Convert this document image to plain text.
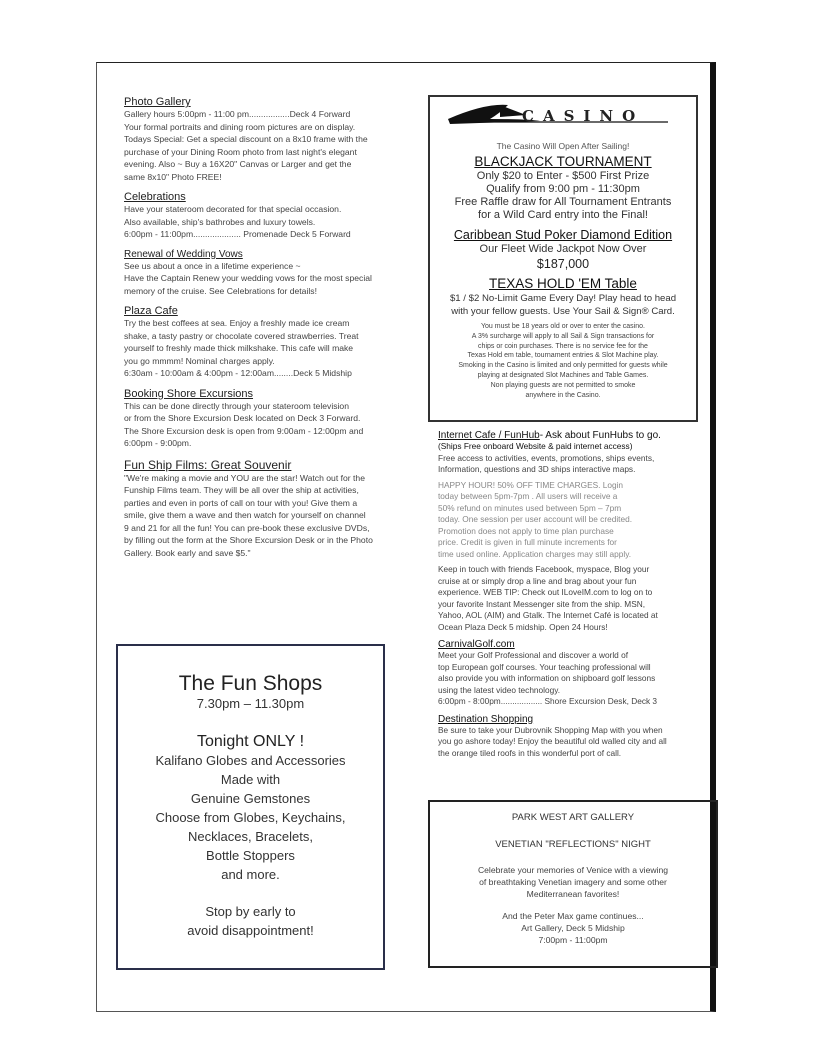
Photo Gallery

Gallery hours 5:00pm - 11:00 pm.................Deck 4 Forward
Your formal portraits and dining room pictures are on display.
Todays Special: Get a special discount on a 8x10 frame with the
purchase of your Dining Room photo from last night's elegant
evening. Also ~ Buy a 16X20" Canvas or Larger and get the
same 8x10" Photo FREE!

Celebrations

Have your stateroom decorated for that special occasion.
Also available, ship's bathrobes and luxury towels.
6:00pm - 11:00pm.................... Promenade Deck 5 Forward

Renewal of Wedding Vows

See us about a once in a lifetime experience ~
Have the Captain Renew your wedding vows for the most special
memory of the cruise. See Celebrations for details!

Plaza Cafe

Try the best coffees at sea. Enjoy a freshly made ice cream
shake, a tasty pastry or chocolate covered strawberries. Treat
yourself to freshly made thick milkshake. This cafe will make
you go mmmm! Nominal charges apply.
6:30am - 10:00am & 4:00pm - 12:00am........Deck 5 Midship

Booking Shore Excursions

This can be done directly through your stateroom television
or from the Shore Excursion Desk located on Deck 3 Forward.
The Shore Excursion desk is open from 9:00am - 12:00pm and
6:00pm - 9:00pm.

Fun Ship Films: Great Souvenir

"We're making a movie and YOU are the star! Watch out for the
Funship Films team. They will be all over the ship at activities,
parties and even in ports of call on tour with you! Give them a
smile, give them a wave and then watch for yourself on channel
9 and 21 for all the fun! You can pre-book these exclusive DVDs,
by filling out the form at the Shore Excursion Desk or in the Photo
Gallery. Book early and save $5."

CASINO

The Casino Will Open After Sailing!

BLACKJACK TOURNAMENT

Only $20 to Enter - $500 First Prize

Qualify from 9:00 pm - 11:30pm

Free Raffle draw for All Tournament Entrants

for a Wild Card entry into the Final!

Caribbean Stud Poker Diamond Edition

Our Fleet Wide Jackpot Now Over

$187,000

TEXAS HOLD 'EM Table

$1 / $2 No-Limit Game Every Day! Play head to head

with your fellow guests. Use Your Sail & Sign® Card.

You must be 18 years old or over to enter the casino.
A 3% surcharge will apply to all Sail & Sign transactions for
chips or coin purchases. There is no service fee for the
Texas Hold em table, tournament entries & Slot Machine play.
Smoking in the Casino is limited and only permitted for guests while
playing at designated Slot Machines and Table Games.
Non playing guests are not permitted to smoke
anywhere in the Casino.

Internet Cafe / FunHub- Ask about FunHubs to go.

(Ships Free onboard Website & paid internet access)

Free access to activities, events, promotions, ships events,
Information, questions and 3D ships interactive maps.

HAPPY HOUR! 50% OFF TIME CHARGES. Login
today between 5pm-7pm . All users will receive a
50% refund on minutes used between 5pm – 7pm
today. One session per user account will be credited.
Promotion does not apply to time plan purchase
price. Credit is given in full minute increments for
time used online. Application charges may still apply.

Keep in touch with friends Facebook, myspace, Blog your
cruise at or simply drop a line and brag about your fun
experience. WEB TIP: Check out ILoveIM.com to log on to
your favorite Instant Messenger site from the ship. MSN,
Yahoo, AOL (AIM) and Gtalk. The Internet Café is located at
Ocean Plaza Deck 5 midship. Open 24 Hours!

CarnivalGolf.com

Meet your Golf Professional and discover a world of
top European golf courses. Your teaching professional will
also provide you with information on shipboard golf lessons
using the latest video technology.
6:00pm - 8:00pm.................. Shore Excursion Desk, Deck 3

Destination Shopping

Be sure to take your Dubrovnik Shopping Map with you when
you go ashore today! Enjoy the beautiful old walled city and all
the orange tiled roofs in this wonderful port of call.

The Fun Shops

7.30pm – 11.30pm

Tonight ONLY !

Kalifano Globes and Accessories

Made with

Genuine Gemstones

Choose from Globes, Keychains,

Necklaces, Bracelets,

Bottle Stoppers

and more.

Stop by early to
avoid disappointment!

PARK WEST ART GALLERY

VENETIAN "REFLECTIONS" NIGHT

Celebrate your memories of Venice with a viewing
of breathtaking Venetian imagery and some other
Mediterranean favorites!

And the Peter Max game continues...
Art Gallery, Deck 5 Midship
7:00pm - 11:00pm
